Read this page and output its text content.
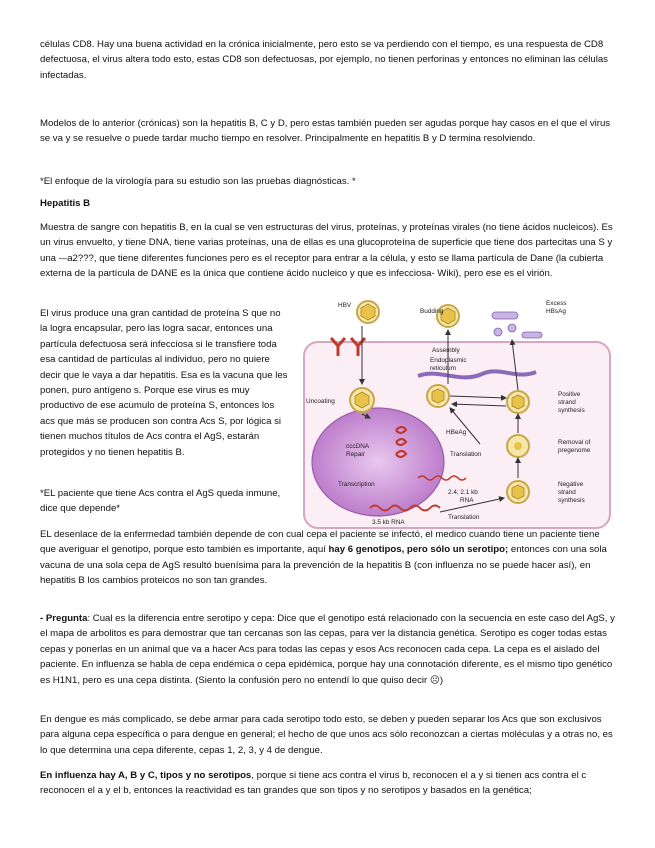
células CD8. Hay una buena actividad en la crónica inicialmente, pero esto se va perdiendo con el tiempo, es una respuesta de CD8 defectuosa, el virus altera todo esto, estas CD8 son defectuosas, por ejemplo, no tienen perforinas y entonces no eliminan las células infectadas.

Modelos de lo anterior (crónicas) son la hepatitis B, C y D, pero estas también pueden ser agudas porque hay casos en el que el virus se va y se resuelve o puede tardar mucho tiempo en resolver. Principalmente en hepatitis B y D termina resolviendo.

*El enfoque de la virología para su estudio son las pruebas diagnósticas. *

Hepatitis B

Muestra de sangre con hepatitis B, en la cual se ven estructuras del virus, proteínas, y proteínas virales (no tiene ácidos nucleicos). Es un virus envuelto, y tiene DNA, tiene varias proteínas, una de ellas es una glucoproteína de superficie que tiene dos partecitas una S y una -–a2???, que tiene diferentes funciones pero es el receptor para entrar a la célula, y esto se llama partícula de Dane (la cubierta externa de la partícula de DANE es la única que contiene ácido nucleico y que es infecciosa- Wiki), pero ese es el virión.

El virus produce una gran cantidad de proteína S que no la logra encapsular, pero las logra sacar, entonces una partícula defectuosa será infecciosa si le transfiere toda esa cantidad de partículas al individuo, pero no quiere decir que le vaya a dar hepatitis. Esa es la vacuna que les ponen, puro antígeno s. Porque ese virus es muy productivo de ese acumulo de proteína S, entonces los acs que más se producen son contra Acs S, por lógica si tienen muchos títulos de Acs contra el AgS, estarán protegidos y no tienen hepatitis B.

*EL paciente que tiene Acs contra el AgS queda inmune, dice que depende*

EL desenlace de la enfermedad también depende de con cual cepa el paciente se infectó, el medico cuando tiene un paciente tiene que averiguar el genotipo, porque esto también es importante, aquí hay 6 genotipos, pero sólo un serotipo; entonces con una sola vacuna de una sola cepa de AgS resultó buenísima para la prevención de la hepatitis B (con influenza no se puede hacer así), en hepatitis B los cambios proteicos no son tan grandes.

- Pregunta: Cual es la diferencia entre serotipo y cepa: Dice que el genotipo está relacionado con la secuencia en este caso del AgS, y el mapa de arbolitos es para demostrar que tan cercanas son las cepas, para ver la distancia genética. Serotipo es coger todas estas cepas y ponerlas en un animal que va a hacer Acs para todas las cepas y esos Acs reconocen cada cepa. La cepa es el aislado del paciente. En influenza se habla de cepa endémica o cepa epidémica, porque hay una connotación diferente, es el mismo tipo genético es H1N1, pero es una cepa distinta. (Siento la confusión pero no entendí lo que quiso decir ☹)

En dengue es más complicado, se debe armar para cada serotipo todo esto, se deben y pueden separar los Acs que son exclusivos para alguna cepa específica o para dengue en general; el hecho de que unos acs sólo reconozcan a ciertas moléculas y a otras no, es lo que determina una cepa diferente, cepas 1, 2, 3, y 4 de dengue.

En influenza hay A, B y C, tipos y no serotipos, porque si tiene acs contra el virus b, reconocen el a y si tienen acs contra el c reconocen el a y el b, entonces la reactividad es tan grandes que son tipos y no serotipos y basados en la genética;

HBV
Budding
Excess
HBsAg
Assembly
Endoplasmic
reticulum
Uncoating
Positive
strand
synthesis
Removal of
pregenome
Negative
strand
synthesis
HBeAg
Translation
cccDNA
Repair
Transcription
2.4, 2.1 kb
RNA
3.5 kb RNA
Translation
